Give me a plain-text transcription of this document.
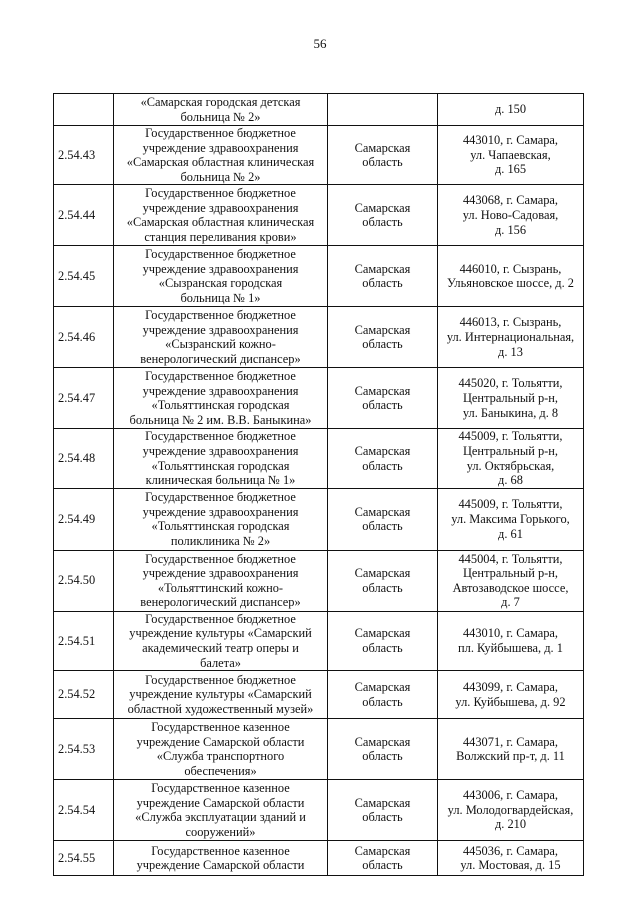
56
	«Самарская городская детская
больница № 2»		д. 150
2.54.43	Государственное бюджетное
учреждение здравоохранения
«Самарская областная клиническая
больница № 2»	Самарская
область	443010, г. Самара,
ул. Чапаевская,
д. 165
2.54.44	Государственное бюджетное
учреждение здравоохранения
«Самарская областная клиническая
станция переливания крови»	Самарская
область	443068, г. Самара,
ул. Ново-Садовая,
д. 156
2.54.45	Государственное бюджетное
учреждение здравоохранения
«Сызранская городская
больница № 1»	Самарская
область	446010, г. Сызрань,
Ульяновское шоссе, д. 2
2.54.46	Государственное бюджетное
учреждение здравоохранения
«Сызранский кожно-
венерологический диспансер»	Самарская
область	446013, г. Сызрань,
ул. Интернациональная,
д. 13
2.54.47	Государственное бюджетное
учреждение здравоохранения
«Тольяттинская городская
больница № 2 им. В.В. Баныкина»	Самарская
область	445020, г. Тольятти,
Центральный р-н,
ул. Баныкина, д. 8
2.54.48	Государственное бюджетное
учреждение здравоохранения
«Тольяттинская городская
клиническая больница № 1»	Самарская
область	445009, г. Тольятти,
Центральный р-н,
ул. Октябрьская,
д. 68
2.54.49	Государственное бюджетное
учреждение здравоохранения
«Тольяттинская городская
поликлиника № 2»	Самарская
область	445009, г. Тольятти,
ул. Максима Горького,
д. 61
2.54.50	Государственное бюджетное
учреждение здравоохранения
«Тольяттинский кожно-
венерологический диспансер»	Самарская
область	445004, г. Тольятти,
Центральный р-н,
Автозаводское шоссе,
д. 7
2.54.51	Государственное бюджетное
учреждение культуры «Самарский
академический театр оперы и
балета»	Самарская
область	443010, г. Самара,
пл. Куйбышева, д. 1
2.54.52	Государственное бюджетное
учреждение культуры «Самарский
областной художественный музей»	Самарская
область	443099, г. Самара,
ул. Куйбышева, д. 92
2.54.53	Государственное казенное
учреждение Самарской области
«Служба транспортного
обеспечения»	Самарская
область	443071, г. Самара,
Волжский пр-т, д. 11
2.54.54	Государственное казенное
учреждение Самарской области
«Служба эксплуатации зданий и
сооружений»	Самарская
область	443006, г. Самара,
ул. Молодогвардейская,
д. 210
2.54.55	Государственное казенное
учреждение Самарской области	Самарская
область	445036, г. Самара,
ул. Мостовая, д. 15
